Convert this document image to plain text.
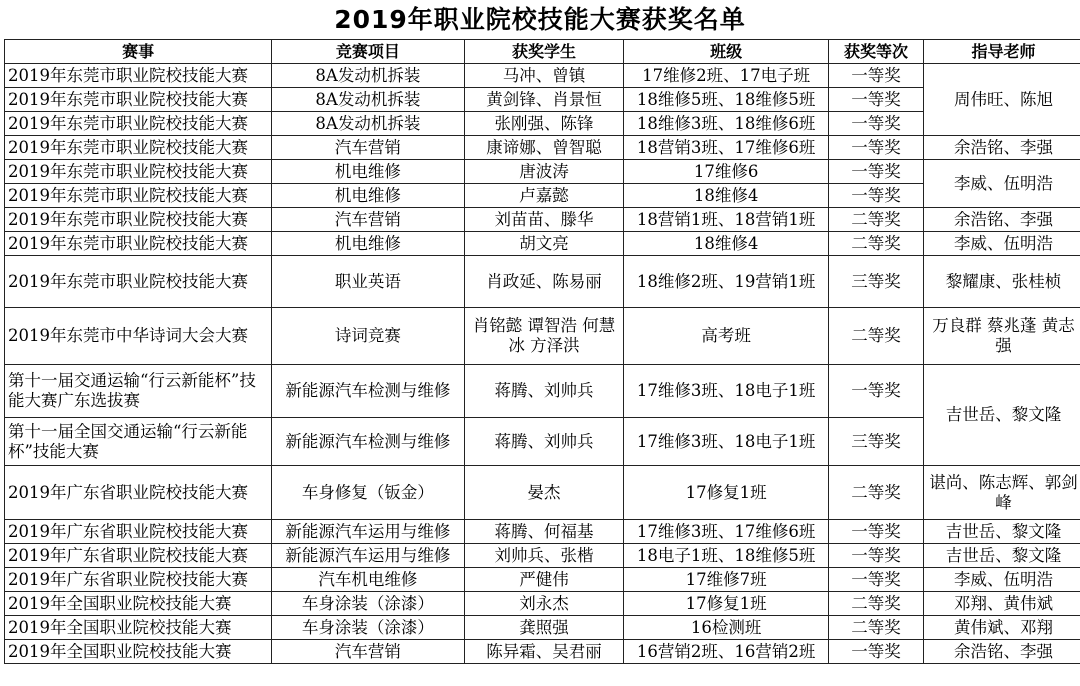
2019年职业院校技能大赛获奖名单
赛事	竞赛项目	获奖学生	班级	获奖等次	指导老师
2019年东莞市职业院校技能大赛	8A发动机拆装	马冲、曾镇	17维修2班、17电子班	一等奖	周伟旺、陈旭
2019年东莞市职业院校技能大赛	8A发动机拆装	黄剑锋、肖景恒	18维修5班、18维修5班	一等奖	
2019年东莞市职业院校技能大赛	8A发动机拆装	张刚强、陈锋	18维修3班、18维修6班	一等奖	
2019年东莞市职业院校技能大赛	汽车营销	康谛娜、曾智聪	18营销3班、17维修6班	一等奖	余浩铭、李强
2019年东莞市职业院校技能大赛	机电维修	唐波涛	17维修6	一等奖	李威、伍明浩
2019年东莞市职业院校技能大赛	机电维修	卢嘉懿	18维修4	一等奖	
2019年东莞市职业院校技能大赛	汽车营销	刘苗苗、滕华	18营销1班、18营销1班	二等奖	余浩铭、李强
2019年东莞市职业院校技能大赛	机电维修	胡文亮	18维修4	二等奖	李威、伍明浩
2019年东莞市职业院校技能大赛	职业英语	肖政延、陈易丽	18维修2班、19营销1班	三等奖	黎耀康、张桂桢
2019年东莞市中华诗词大会大赛	诗词竞赛	肖铭懿 谭智浩 何慧冰 方泽洪	高考班	二等奖	万良群 蔡兆蓬 黄志强
第十一届交通运输“行云新能杯”技能大赛广东选拔赛	新能源汽车检测与维修	蒋腾、刘帅兵	17维修3班、18电子1班	一等奖	吉世岳、黎文隆
第十一届全国交通运输“行云新能杯”技能大赛	新能源汽车检测与维修	蒋腾、刘帅兵	17维修3班、18电子1班	三等奖	
2019年广东省职业院校技能大赛	车身修复（钣金）	晏杰	17修复1班	二等奖	谌尚、陈志辉、郭剑峰
2019年广东省职业院校技能大赛	新能源汽车运用与维修	蒋腾、何福基	17维修3班、17维修6班	一等奖	吉世岳、黎文隆
2019年广东省职业院校技能大赛	新能源汽车运用与维修	刘帅兵、张楷	18电子1班、18维修5班	一等奖	吉世岳、黎文隆
2019年广东省职业院校技能大赛	汽车机电维修	严健伟	17维修7班	一等奖	李威、伍明浩
2019年全国职业院校技能大赛	车身涂装（涂漆）	刘永杰	17修复1班	二等奖	邓翔、黄伟斌
2019年全国职业院校技能大赛	车身涂装（涂漆）	龚照强	16检测班	二等奖	黄伟斌、邓翔
2019年全国职业院校技能大赛	汽车营销	陈异霜、吴君丽	16营销2班、16营销2班	一等奖	余浩铭、李强
